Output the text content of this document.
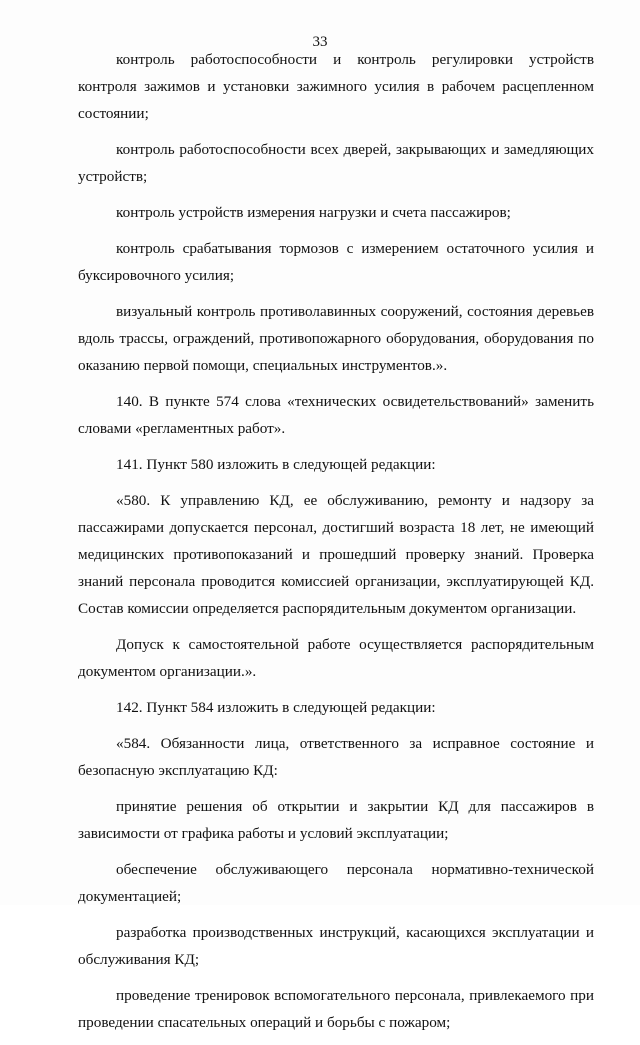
33

контроль работоспособности и контроль регулировки устройств контроля зажимов и установки зажимного усилия в рабочем расцепленном состоянии;

контроль работоспособности всех дверей, закрывающих и замедляющих устройств;

контроль устройств измерения нагрузки и счета пассажиров;

контроль срабатывания тормозов с измерением остаточного усилия и буксировочного усилия;

визуальный контроль противолавинных сооружений, состояния деревьев вдоль трассы, ограждений, противопожарного оборудования, оборудования по оказанию первой помощи, специальных инструментов.».

140. В пункте 574 слова «технических освидетельствований» заменить словами «регламентных работ».

141. Пункт 580 изложить в следующей редакции:

«580. К управлению КД, ее обслуживанию, ремонту и надзору за пассажирами допускается персонал, достигший возраста 18 лет, не имеющий медицинских противопоказаний и прошедший проверку знаний. Проверка знаний персонала проводится комиссией организации, эксплуатирующей КД. Состав комиссии определяется распорядительным документом организации.

Допуск к самостоятельной работе осуществляется распорядительным документом организации.».

142. Пункт 584 изложить в следующей редакции:

«584. Обязанности лица, ответственного за исправное состояние и безопасную эксплуатацию КД:

принятие решения об открытии и закрытии КД для пассажиров в зависимости от графика работы и условий эксплуатации;

обеспечение обслуживающего персонала нормативно-технической документацией;

разработка производственных инструкций, касающихся эксплуатации и обслуживания КД;

проведение тренировок вспомогательного персонала, привлекаемого при проведении спасательных операций и борьбы с пожаром;
